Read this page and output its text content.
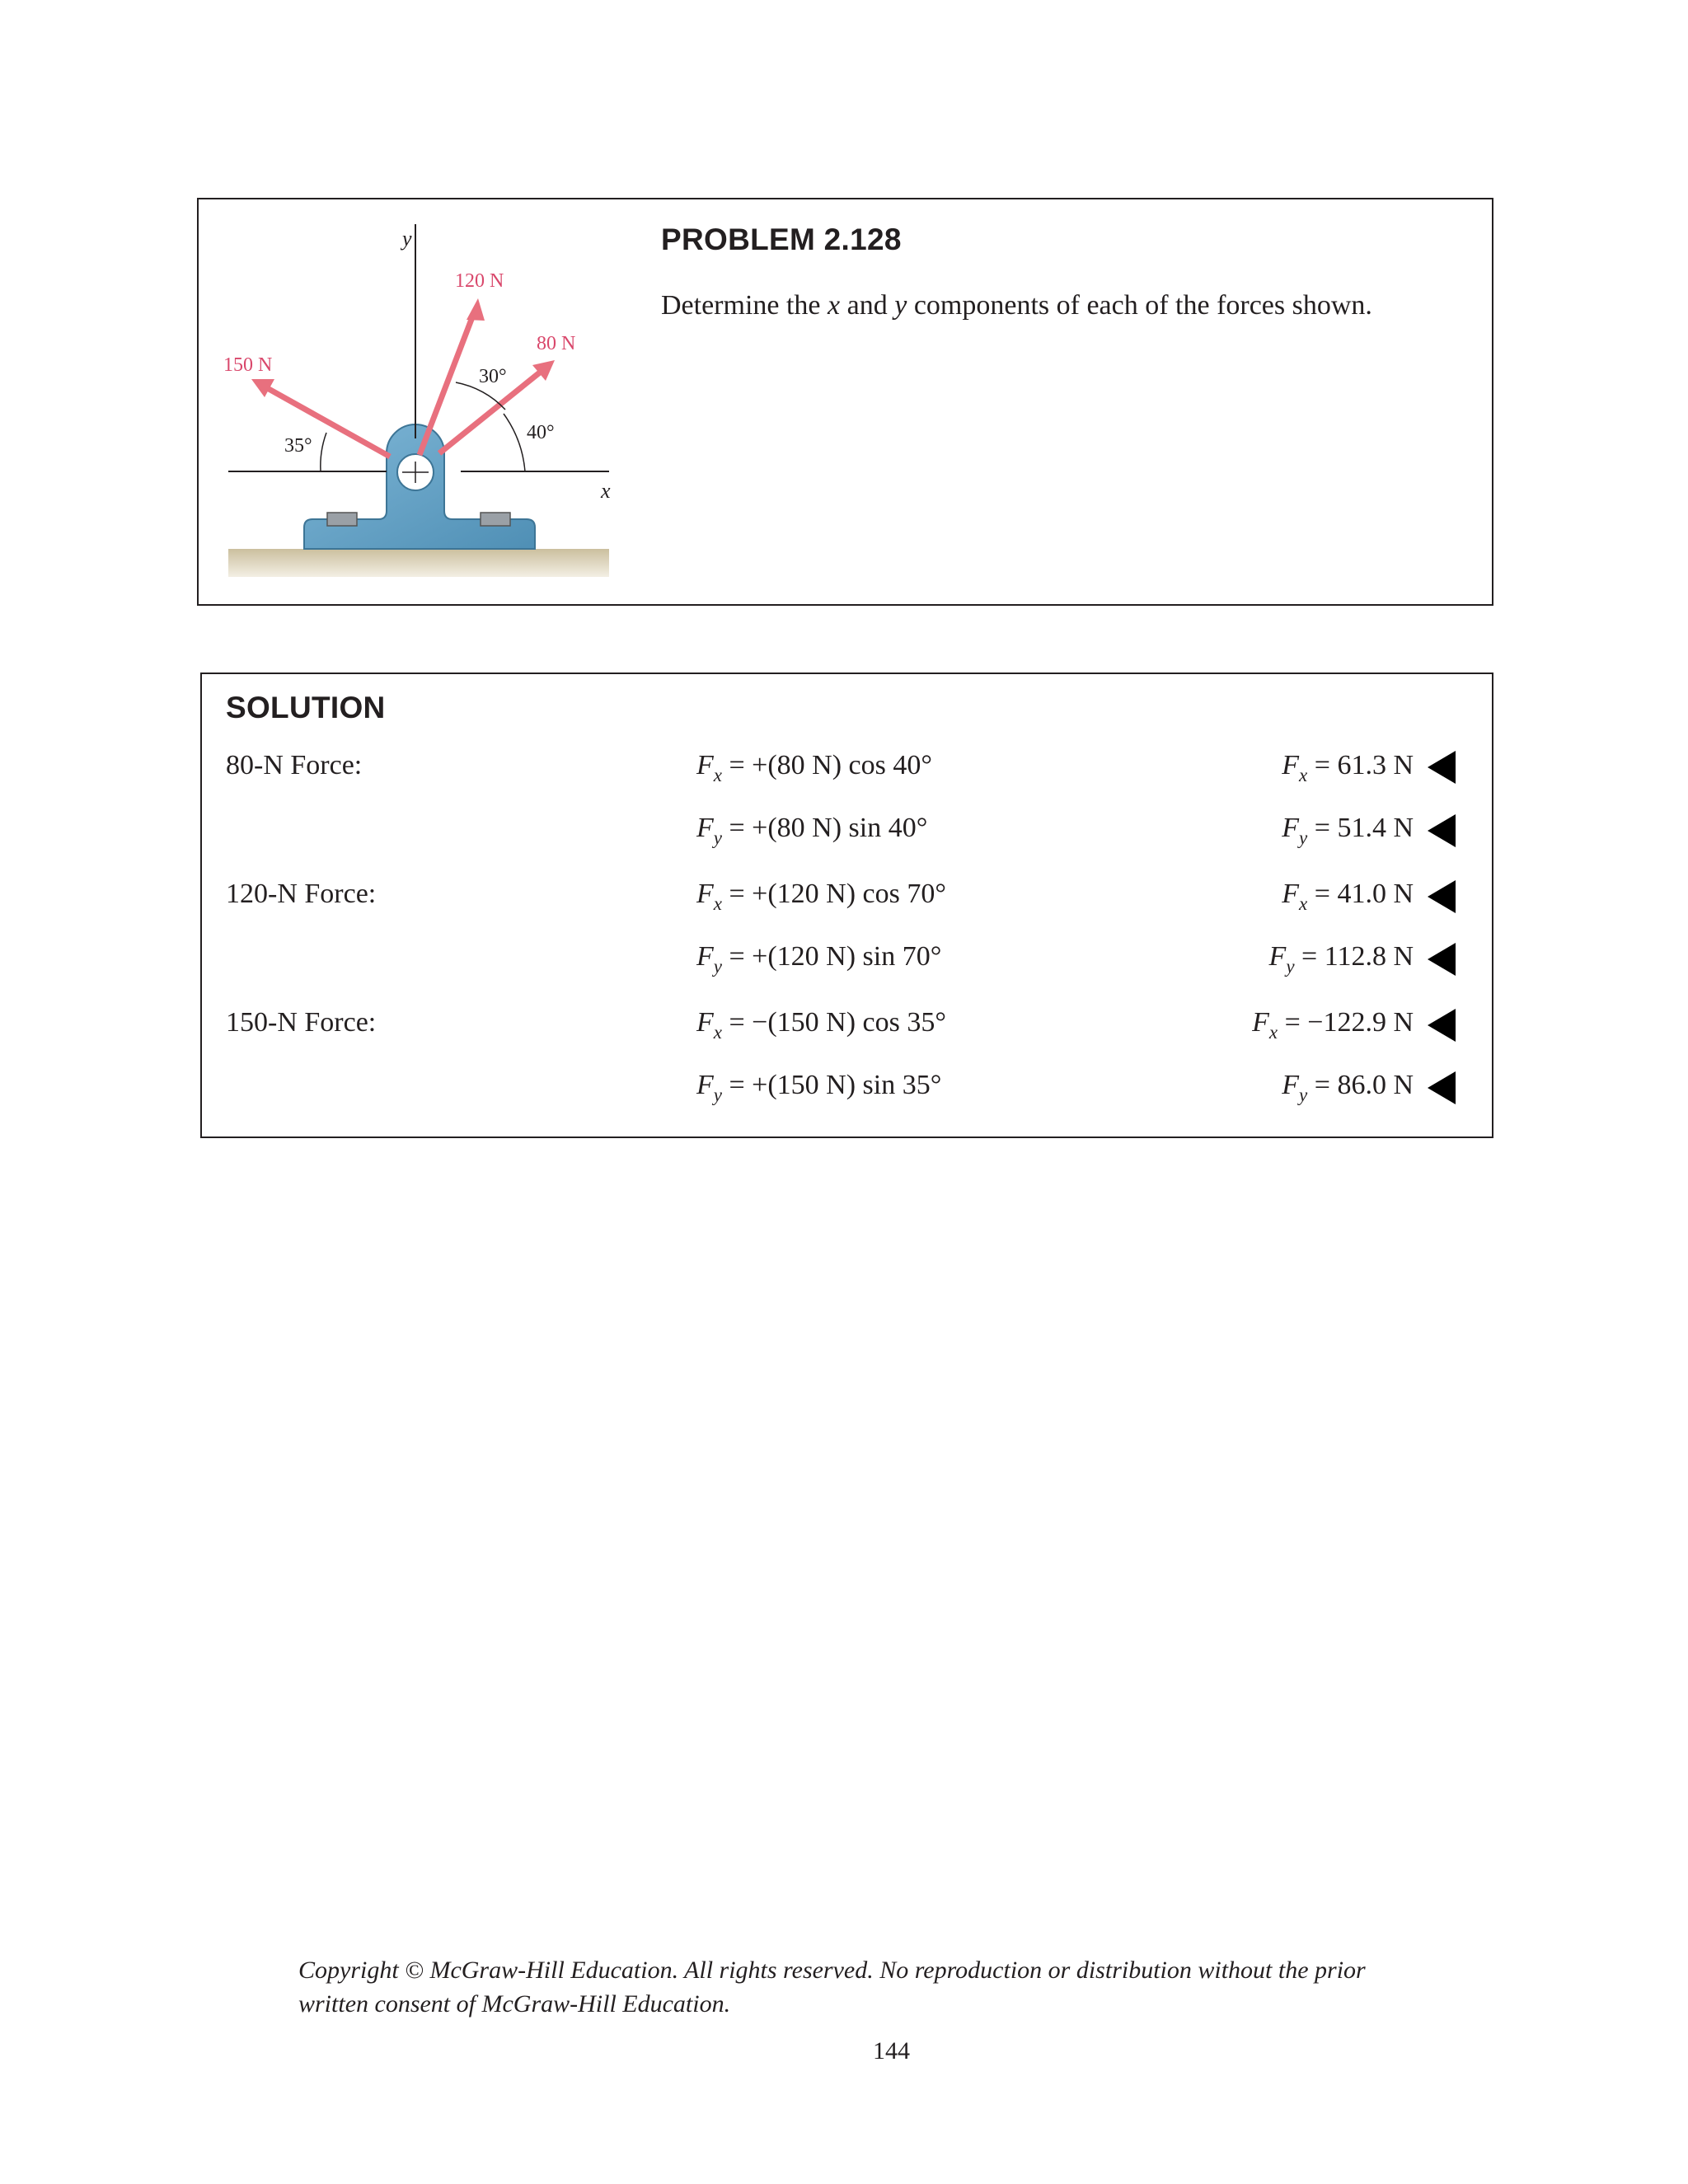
y
x
150 N
120 N
80 N
35°
30°
40°
PROBLEM 2.128
Determine the x and y components of each of the forces shown.
SOLUTION
80-N Force:	$F_x = +(80$ N) cos 40°	$F_x = 61.3$ N
$F_y = +(80$ N) sin 40°	$F_y = 51.4$ N
120-N Force:	$F_x = +(120$ N) cos 70°	$F_x = 41.0$ N
$F_y = +(120$ N) sin 70°	$F_y = 112.8$ N
150-N Force:	$F_x = -(150$ N) cos 35°	$F_x = -122.9$ N
$F_y = +(150$ N) sin 35°	$F_y = 86.0$ N
Copyright © McGraw-Hill Education. All rights reserved. No reproduction or distribution without the prior
written consent of McGraw-Hill Education.
144
